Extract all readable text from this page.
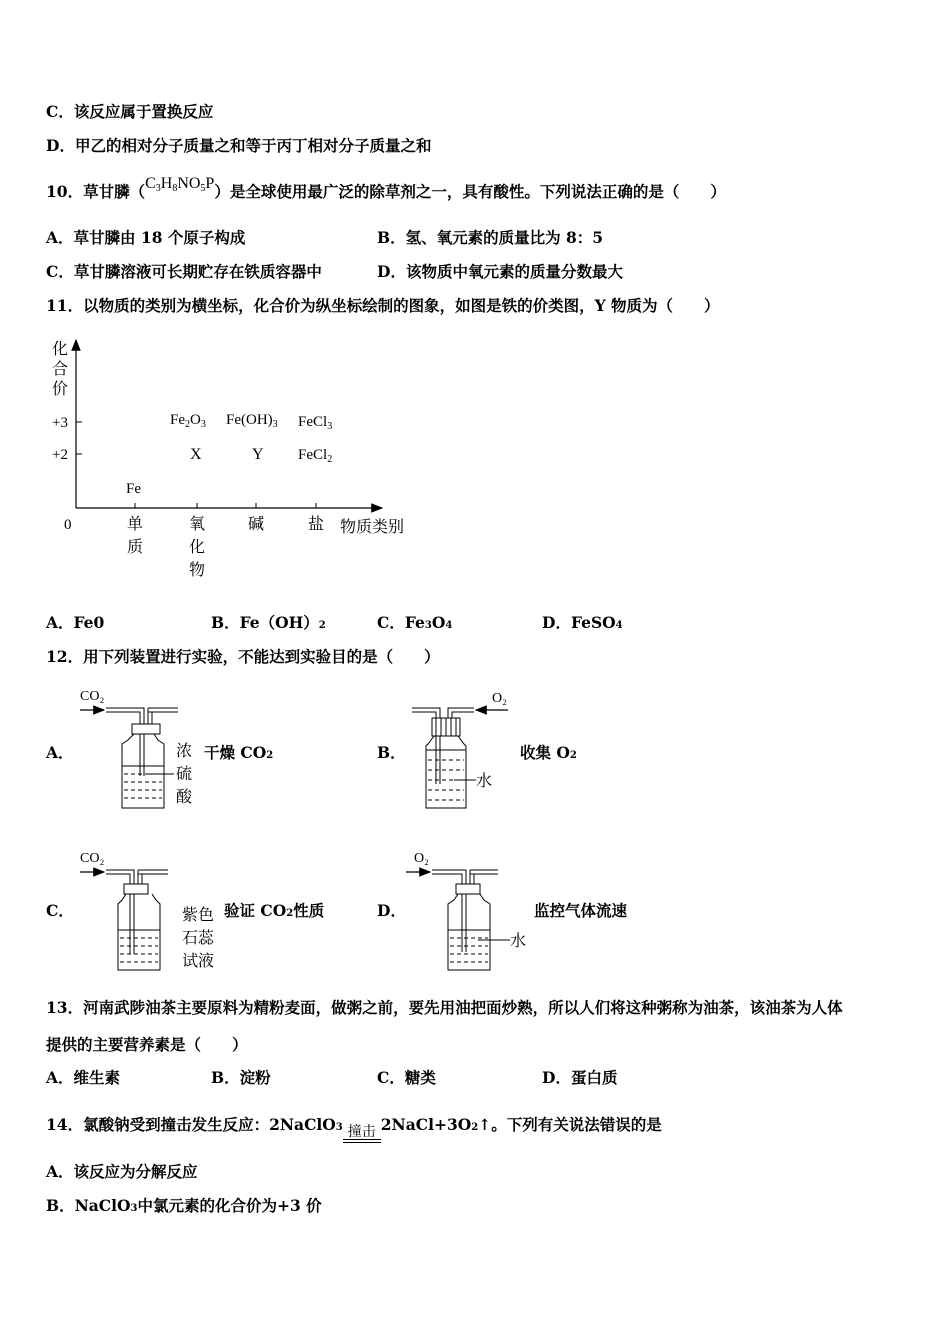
C．该反应属于置换反应
D．甲乙的相对分子质量之和等于丙丁相对分子质量之和
10．草甘膦（C3H8NO5P）是全球使用最广泛的除草剂之一，具有酸性。下列说法正确的是（　　）
A．草甘膦由 18 个原子构成	B．氢、氧元素的质量比为 8：5
C．草甘膦溶液可长期贮存在铁质容器中	D．该物质中氧元素的质量分数最大
11．以物质的类别为横坐标，化合价为纵坐标绘制的图象，如图是铁的价类图，Y 物质为（　　）
化
合
价
+3
+2
0	单
质
氧
化
物
碱	盐 物质类别
Fe
$Fe_2O_3$ $Fe(OH)_3$ FeCl$_3$
X	Y FeCl$_2$
A．Fe0	B．Fe（OH）2	C．Fe3O4	D．FeSO4
12．用下列装置进行实验，不能达到实验目的是（　　）
A．
CO₂
浓
硫
酸
干燥 CO2	B．
O₂
水
收集 O2
C．
CO₂
紫色
石蕊
试液
验证 CO2性质	D．
O₂
水
监控气体流速
13．河南武陟油茶主要原料为精粉麦面，做粥之前，要先用油把面炒熟，所以人们将这种粥称为油茶，该油茶为人体
提供的主要营养素是（　　）
A．维生素	B．淀粉	C．糖类	D．蛋白质
14．氯酸钠受到撞击发生反应：2NaClO3 撞击 2NaCl+3O2↑。下列有关说法错误的是
A．该反应为分解反应
B．NaClO3中氯元素的化合价为+3 价
